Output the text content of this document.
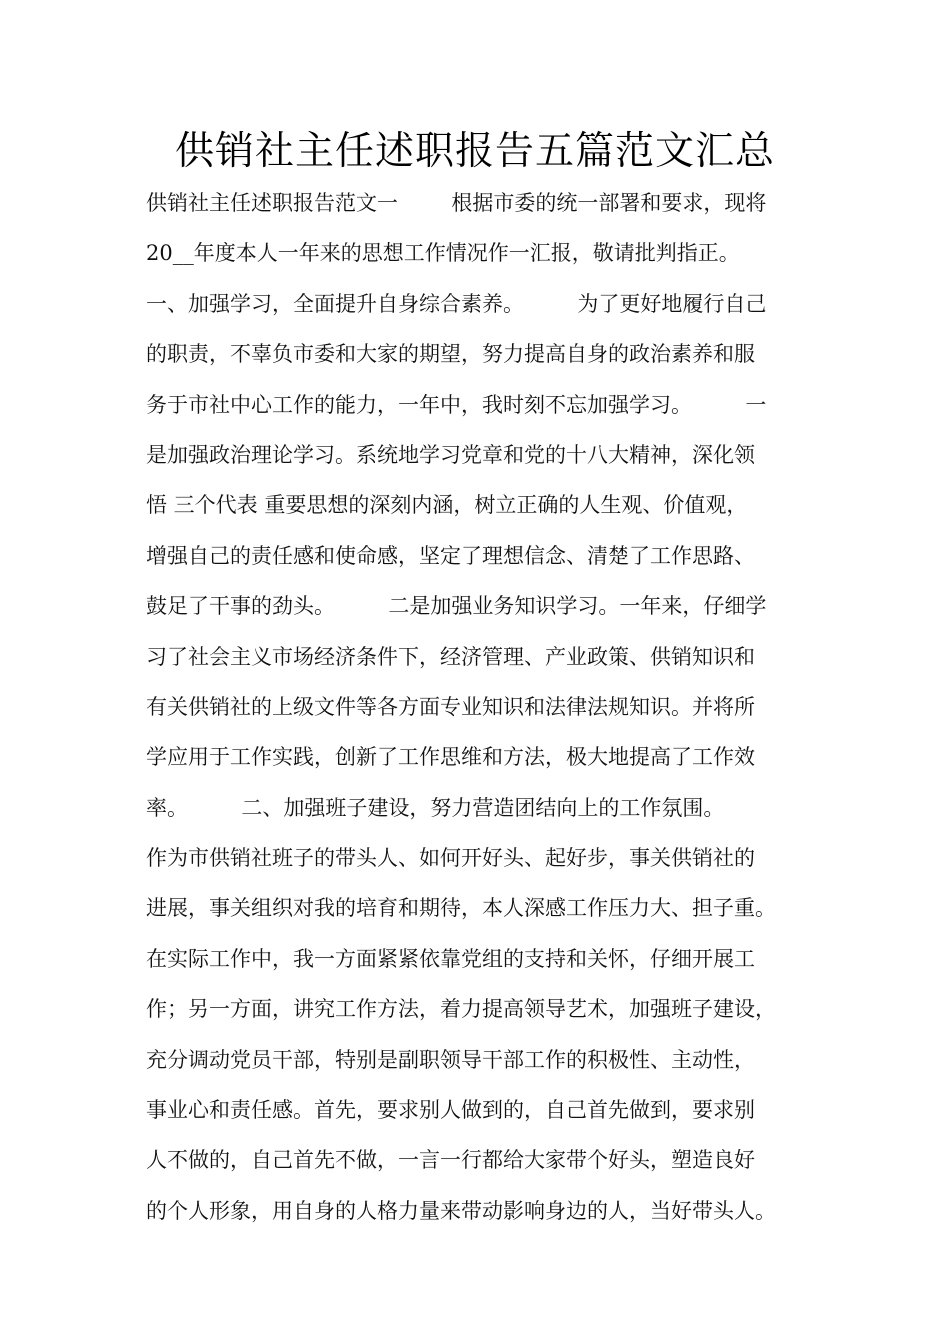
供销社主任述职报告五篇范文汇总
供销社主任述职报告范文一        根据市委的统一部署和要求，现将
20__年度本人一年来的思想工作情况作一汇报，敬请批判指正。
一、加强学习，全面提升自身综合素养。        为了更好地履行自己
的职责，不辜负市委和大家的期望，努力提高自身的政治素养和服
务于市社中心工作的能力，一年中，我时刻不忘加强学习。        一
是加强政治理论学习。系统地学习党章和党的十八大精神，深化领
悟 三个代表 重要思想的深刻内涵，树立正确的人生观、价值观，
增强自己的责任感和使命感，坚定了理想信念、清楚了工作思路、
鼓足了干事的劲头。        二是加强业务知识学习。一年来，仔细学
习了社会主义市场经济条件下，经济管理、产业政策、供销知识和
有关供销社的上级文件等各方面专业知识和法律法规知识。并将所
学应用于工作实践，创新了工作思维和方法，极大地提高了工作效
率。        二、加强班子建设，努力营造团结向上的工作氛围。
作为市供销社班子的带头人、如何开好头、起好步，事关供销社的
进展，事关组织对我的培育和期待，本人深感工作压力大、担子重。
在实际工作中，我一方面紧紧依靠党组的支持和关怀，仔细开展工
作；另一方面，讲究工作方法，着力提高领导艺术，加强班子建设，
充分调动党员干部，特别是副职领导干部工作的积极性、主动性，
事业心和责任感。首先，要求别人做到的，自己首先做到，要求别
人不做的，自己首先不做，一言一行都给大家带个好头，塑造良好
的个人形象，用自身的人格力量来带动影响身边的人，当好带头人。
